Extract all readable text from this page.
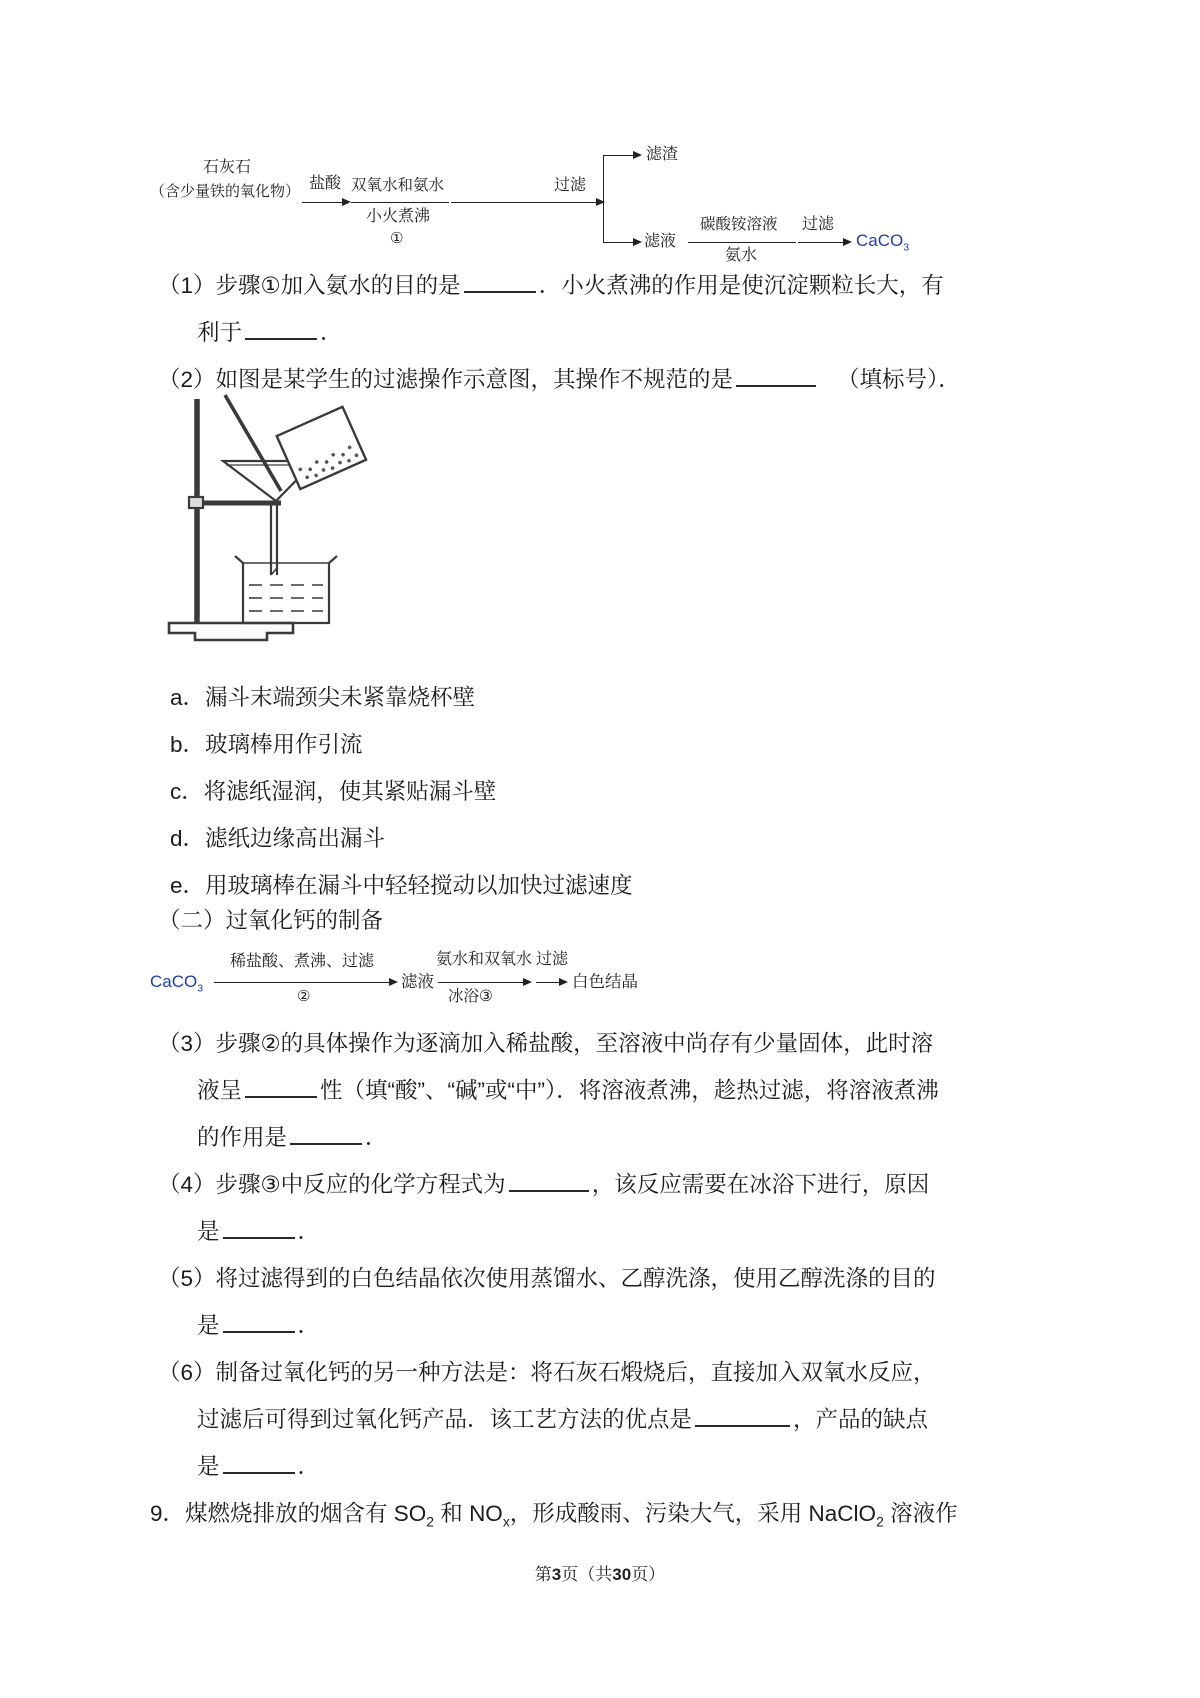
石灰石
（含少量铁的氧化物） 盐酸 双氧水和氨水
小火煮沸
①
过滤
滤渣
滤液
碳酸铵溶液
氨水
过滤
CaCO$_3$
（1）步骤①加入氨水的目的是	．小火煮沸的作用是使沉淀颗粒长大，有
利于	．
（2）如图是某学生的过滤操作示意图，其操作不规范的是	（填标号）．
a．漏斗末端颈尖未紧靠烧杯壁
b．玻璃棒用作引流
c．将滤纸湿润，使其紧贴漏斗壁
d．滤纸边缘高出漏斗
e．用玻璃棒在漏斗中轻轻搅动以加快过滤速度
（二）过氧化钙的制备
CaCO$_3$
稀盐酸、煮沸、过滤
②
滤液
氨水和双氧水
冰浴③
过滤
白色结晶
（3）步骤②的具体操作为逐滴加入稀盐酸，至溶液中尚存有少量固体，此时溶
液呈	性（填“酸”、“碱”或“中”）．将溶液煮沸，趁热过滤，将溶液煮沸
的作用是	．
（4）步骤③中反应的化学方程式为	，该反应需要在冰浴下进行，原因
是	．
（5）将过滤得到的白色结晶依次使用蒸馏水、乙醇洗涤，使用乙醇洗涤的目的
是	．
（6）制备过氧化钙的另一种方法是：将石灰石煅烧后，直接加入双氧水反应，
过滤后可得到过氧化钙产品．该工艺方法的优点是	，产品的缺点
是	．
9．煤燃烧排放的烟含有 $SO_2$ 和 $NO_x$，形成酸雨、污染大气，采用 NaClO$_2$ 溶液作
第3页（共30页）
